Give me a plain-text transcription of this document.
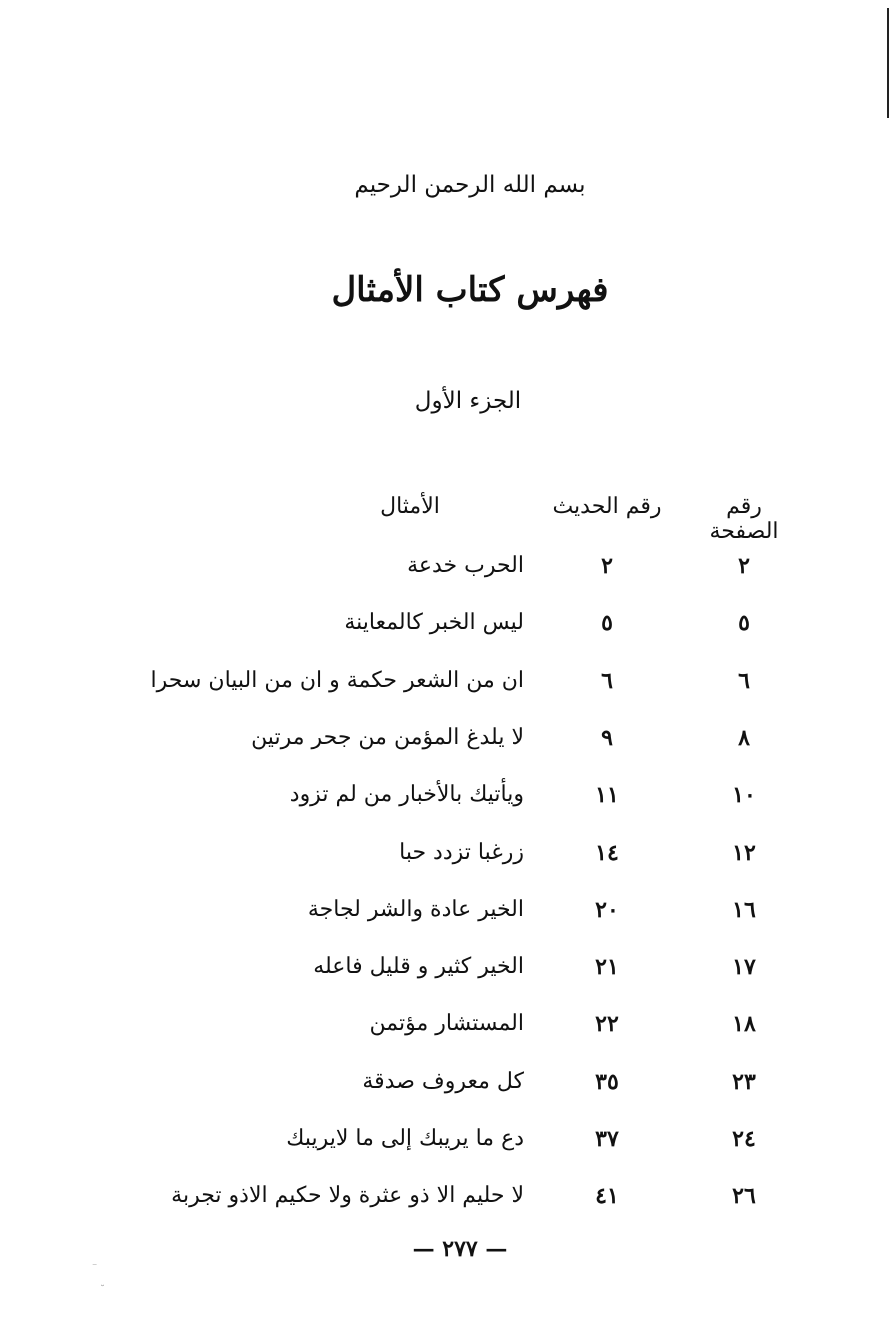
بسم الله الرحمن الرحيم
فهرس كتاب الأمثال
الجزء الأول
رقم الصفحة
رقم الحديث
الأمثال
٢
٢
الحرب خدعة
٥
٥
ليس الخبر كالمعاينة
٦
٦
ان من الشعر حكمة و ان من البيان سحرا
٨
٩
لا يلدغ المؤمن من جحر مرتين
١٠
١١
ويأتيك بالأخبار من لم تزود
١٢
١٤
زرغبا تزدد حبا
١٦
٢٠
الخير عادة والشر لجاجة
١٧
٢١
الخير كثير و قليل فاعله
١٨
٢٢
المستشار مؤتمن
٢٣
٣٥
كل معروف صدقة
٢٤
٣٧
دع ما يريبك إلى ما لايريبك
٢٦
٤١
لا حليم الا ذو عثرة ولا حكيم الاذو تجربة
— ٢٧٧ —
⁻
˘
